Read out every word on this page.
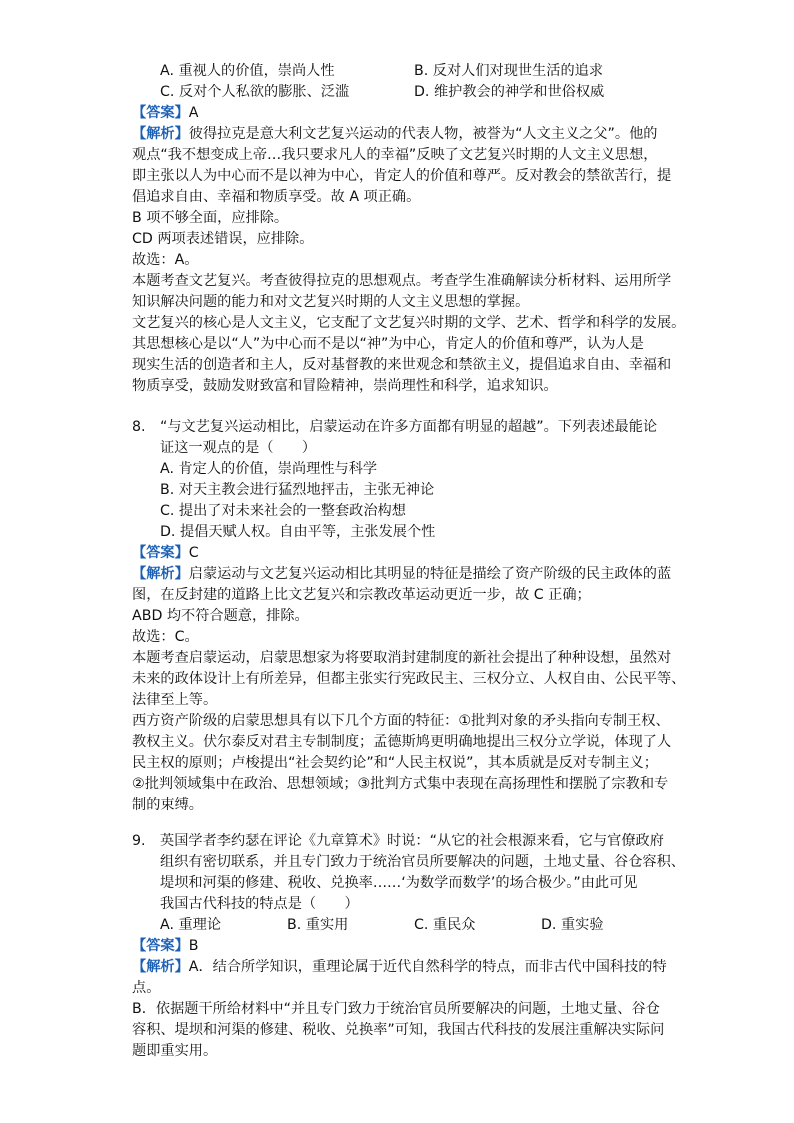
A. 重视人的价值，崇尚人性	B. 反对人们对现世生活的追求
C. 反对个人私欲的膨胀、泛滥	D. 维护教会的神学和世俗权威
【答案】A
【解析】彼得拉克是意大利文艺复兴运动的代表人物，被誉为“人文主义之父”。他的
观点“我不想变成上帝…我只要求凡人的幸福”反映了文艺复兴时期的人文主义思想，
即主张以人为中心而不是以神为中心，肯定人的价值和尊严。反对教会的禁欲苦行，提
倡追求自由、幸福和物质享受。故 A 项正确。
B 项不够全面，应排除。
CD 两项表述错误，应排除。
故选：A。
本题考查文艺复兴。考查彼得拉克的思想观点。考查学生准确解读分析材料、运用所学
知识解决问题的能力和对文艺复兴时期的人文主义思想的掌握。
文艺复兴的核心是人文主义，它支配了文艺复兴时期的文学、艺术、哲学和科学的发展。
其思想核心是以“人”为中心而不是以“神”为中心，肯定人的价值和尊严，认为人是
现实生活的创造者和主人，反对基督教的来世观念和禁欲主义，提倡追求自由、幸福和
物质享受，鼓励发财致富和冒险精神，崇尚理性和科学，追求知识。
8. “与文艺复兴运动相比，启蒙运动在许多方面都有明显的超越”。下列表述最能论
证这一观点的是（　　）
A. 肯定人的价值，崇尚理性与科学
B. 对天主教会进行猛烈地抨击，主张无神论
C. 提出了对未来社会的一整套政治构想
D. 提倡天赋人权。自由平等，主张发展个性
【答案】C
【解析】启蒙运动与文艺复兴运动相比其明显的特征是描绘了资产阶级的民主政体的蓝
图，在反封建的道路上比文艺复兴和宗教改革运动更近一步，故 C 正确；
ABD 均不符合题意，排除。
故选：C。
本题考查启蒙运动，启蒙思想家为将要取消封建制度的新社会提出了种种设想，虽然对
未来的政体设计上有所差异，但都主张实行宪政民主、三权分立、人权自由、公民平等、
法律至上等。
西方资产阶级的启蒙思想具有以下几个方面的特征：①批判对象的矛头指向专制王权、
教权主义。伏尔泰反对君主专制制度；孟德斯鸠更明确地提出三权分立学说，体现了人
民主权的原则；卢梭提出“社会契约论”和“人民主权说”，其本质就是反对专制主义；
②批判领域集中在政治、思想领域；③批判方式集中表现在高扬理性和摆脱了宗教和专
制的束缚。
9. 英国学者李约瑟在评论《九章算术》时说：“从它的社会根源来看，它与官僚政府
组织有密切联系，并且专门致力于统治官员所要解决的问题，土地丈量、谷仓容积、
堤坝和河渠的修建、税收、兑换率……‘为数学而数学’的场合极少。”由此可见
我国古代科技的特点是（　　）
A. 重理论	B. 重实用	C. 重民众	D. 重实验
【答案】B
【解析】A．结合所学知识，重理论属于近代自然科学的特点，而非古代中国科技的特
点。
B．依据题干所给材料中“并且专门致力于统治官员所要解决的问题，土地丈量、谷仓
容积、堤坝和河渠的修建、税收、兑换率”可知，我国古代科技的发展注重解决实际问
题即重实用。
